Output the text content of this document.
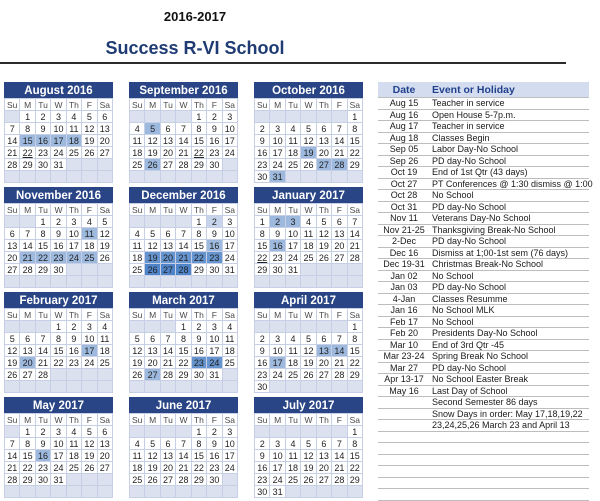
2016-2017
Success R-VI School
August 2016
Su	M	Tu	W	Th	F	Sa
	1	2	3	4	5	6
7	8	9	10	11	12	13
14	15	16	17	18	19	20
21	22	23	24	25	26	27
28	29	30	31			

September 2016
Su	M	Tu	W	Th	F	Sa
				1	2	3
4	5	6	7	8	9	10
11	12	13	14	15	16	17
18	19	20	21	22	23	24
25	26	27	28	29	30	

October 2016
Su	M	Tu	W	Th	F	Sa
						1
2	3	4	5	6	7	8
9	10	11	12	13	14	15
16	17	18	19	20	21	22
23	24	25	26	27	28	29
30	31					
November 2016
Su	M	Tu	W	Th	F	Sa
		1	2	3	4	5
6	7	8	9	10	11	12
13	14	15	16	17	18	19
20	21	22	23	24	25	26
27	28	29	30			

December 2016
Su	M	Tu	W	Th	F	Sa
				1	2	3
4	5	6	7	8	9	10
11	12	13	14	15	16	17
18	19	20	21	22	23	24
25	26	27	28	29	30	31

January 2017
Su	M	Tu	W	Th	F	Sa
1	2	3	4	5	6	7
8	9	10	11	12	13	14
15	16	17	18	19	20	21
22	23	24	25	26	27	28
29	30	31				

February 2017
Su	M	Tu	W	Th	F	Sa
			1	2	3	4
5	6	7	8	9	10	11
12	13	14	15	16	17	18
19	20	21	22	23	24	25
26	27	28				

March 2017
Su	M	Tu	W	Th	F	Sa
			1	2	3	4
5	6	7	8	9	10	11
12	13	14	15	16	17	18
19	20	21	22	23	24	25
26	27	28	29	30	31	

April 2017
Su	M	Tu	W	Th	F	Sa
						1
2	3	4	5	6	7	8
9	10	11	12	13	14	15
16	17	18	19	20	21	22
23	24	25	26	27	28	29
30						
May 2017
Su	M	Tu	W	Th	F	Sa
	1	2	3	4	5	6
7	8	9	10	11	12	13
14	15	16	17	18	19	20
21	22	23	24	25	26	27
28	29	30	31			

June 2017
Su	M	Tu	W	Th	F	Sa
				1	2	3
4	5	6	7	8	9	10
11	12	13	14	15	16	17
18	19	20	21	22	23	24
25	26	27	28	29	30	

July 2017
Su	M	Tu	W	Th	F	Sa
						1
2	3	4	5	6	7	8
9	10	11	12	13	14	15
16	17	18	19	20	21	22
23	24	25	26	27	28	29
30	31					
Date	Event or Holiday
Aug 15	Teacher in service
Aug 16	Open House 5-7p.m.
Aug 17	Teacher in service
Aug 18	Classes Begin
Sep 05	Labor Day-No School
Sep 26	PD day-No School
Oct 19	End of 1st Qtr (43 days)
Oct 27	PT Conferences @ 1:30 dismiss @ 1:00
Oct 28	No School
Oct 31	PD day-No School
Nov 11	Veterans Day-No School
Nov 21-25	Thanksgiving Break-No School
2-Dec	PD day-No School
Dec 16	Dismiss at 1;00-1st sem (76 days)
Dec 19-31	Christmas Break-No School
Jan 02	No School
Jan 03	PD day-No School
4-Jan	Classes Resumme
Jan 16	No School MLK
Feb 17	No School
Feb 20	Presidents Day-No School
Mar 10	End of 3rd Qtr -45
Mar 23-24	Spring Break No School
Mar 27	PD day-No School
Apr 13-17	No School Easter Break
May 16	Last Day of School
	Second Semester 86 days
	Snow Days in order: May 17,18,19,22
	23,24,25,26 March 23 and April 13
